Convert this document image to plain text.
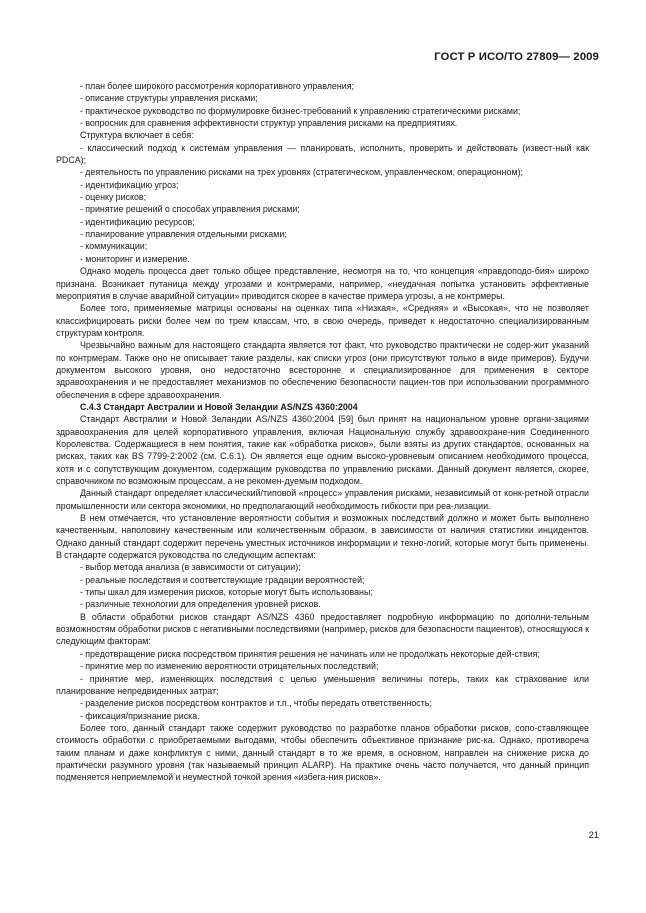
ГОСТ Р ИСО/ТО 27809— 2009

- план более широкого рассмотрения корпоративного управления;

- описание структуры управления рисками;

- практическое руководство по формулировке бизнес-требований к управлению стратегическими рисками;

- вопросник для сравнения эффективности структур управления рисками на предприятиях.

Структура включает в себя:

- классический подход к системам управления — планировать, исполнить, проверить и действовать (извест-ный как PDCA);

- деятельность по управлению рисками на трех уровнях (стратегическом, управленческом, операционном);

- идентификацию угроз;

- оценку рисков;

- принятие решений о способах управления рисками;

- идентификацию ресурсов;

- планирование управления отдельными рисками;

- коммуникации;

- мониторинг и измерение.

Однако модель процесса дает только общее представление, несмотря на то, что концепция «правдоподо-бия» широко признана. Возникает путаница между угрозами и контрмерами, например, «неудачная попытка установить эффективные мероприятия в случае аварийной ситуации» приводится скорее в качестве примера угрозы, а не контрмеры.

Более того, применяемые матрицы основаны на оценках типа «Низкая», «Средняя» и «Высокая», что не позволяет классифицировать риски более чем по трем классам, что, в свою очередь, приведет к недостаточно специализированным структурам контроля.

Чрезвычайно важным для настоящего стандарта является тот факт, что руководство практически не содер-жит указаний по контрмерам. Также оно не описывает такие разделы, как списки угроз (они присутствуют только в виде примеров). Будучи документом высокого уровня, оно недостаточно всесторонне и специализированное для применения в секторе здравоохранения и не предоставляет механизмов по обеспечению безопасности пациен-тов при использовании программного обеспечения в сфере здравоохранения.

С.4.3 Стандарт Австралии и Новой Зеландии AS/NZS 4360:2004

Стандарт Австралии и Новой Зеландии AS/NZS 4360:2004 [59] был принят на национальном уровне органи-зациями здравоохранения для целей корпоративного управления, включая Национальную службу здравоохране-ния Соединенного Королевства. Содержащиеся в нем понятия, такие как «обработка рисков», были взяты из других стандартов, основанных на рисках, таких как BS 7799-2:2002 (см. С.6.1). Он является еще одним высоко-уровневым описанием необходимого процесса, хотя и с сопутствующим документом, содержащим руководства по управлению рисками. Данный документ является, скорее, справочником по возможным процессам, а не рекомен-дуемым подходом.

Данный стандарт определяет классический/типовой «процесс» управления рисками, независимый от конк-ретной отрасли промышленности или сектора экономики, но предполагающий необходимость гибкости при реа-лизации.

В нем отмечается, что установление вероятности события и возможных последствий должно и может быть выполнено качественным, наполовину качественным или количественным образом, в зависимости от наличия статистики инцидентов. Однако данный стандарт содержит перечень уместных источников информации и техно-логий, которые могут быть применены. В стандарте содержатся руководства по следующим аспектам:

- выбор метода анализа (в зависимости от ситуации);

- реальные последствия и соответствующие градации вероятностей;

- типы шкал для измерения рисков, которые могут быть использованы;

- различные технологии для определения уровней рисков.

В области обработки рисков стандарт AS/NZS 4360 предоставляет подробную информацию по дополни-тельным возможностям обработки рисков с негативными последствиями (например, рисков для безопасности пациентов), относящуюся к следующим факторам:

- предотвращение риска посредством принятия решения не начинать или не продолжать некоторые дей-ствия;

- принятие мер по изменению вероятности отрицательных последствий;

- принятие мер, изменяющих последствия с целью уменьшения величины потерь, таких как страхование или планирование непредвиденных затрат;

- разделение рисков посредством контрактов и т.п., чтобы передать ответственность;

- фиксация/признание риска.

Более того, данный стандарт также содержит руководство по разработке планов обработки рисков, сопо-ставляющее стоимость обработки с приобретаемыми выгодами, чтобы обеспечить объективное признание рис-ка. Однако, противореча таким планам и даже конфликтуя с ними, данный стандарт в то же время, в основном, направлен на снижение риска до практически разумного уровня (так называемый принцип ALARP). На практике очень часто получается, что данный принцип подменяется неприемлемой и неуместной точкой зрения «избега-ния рисков».

21
